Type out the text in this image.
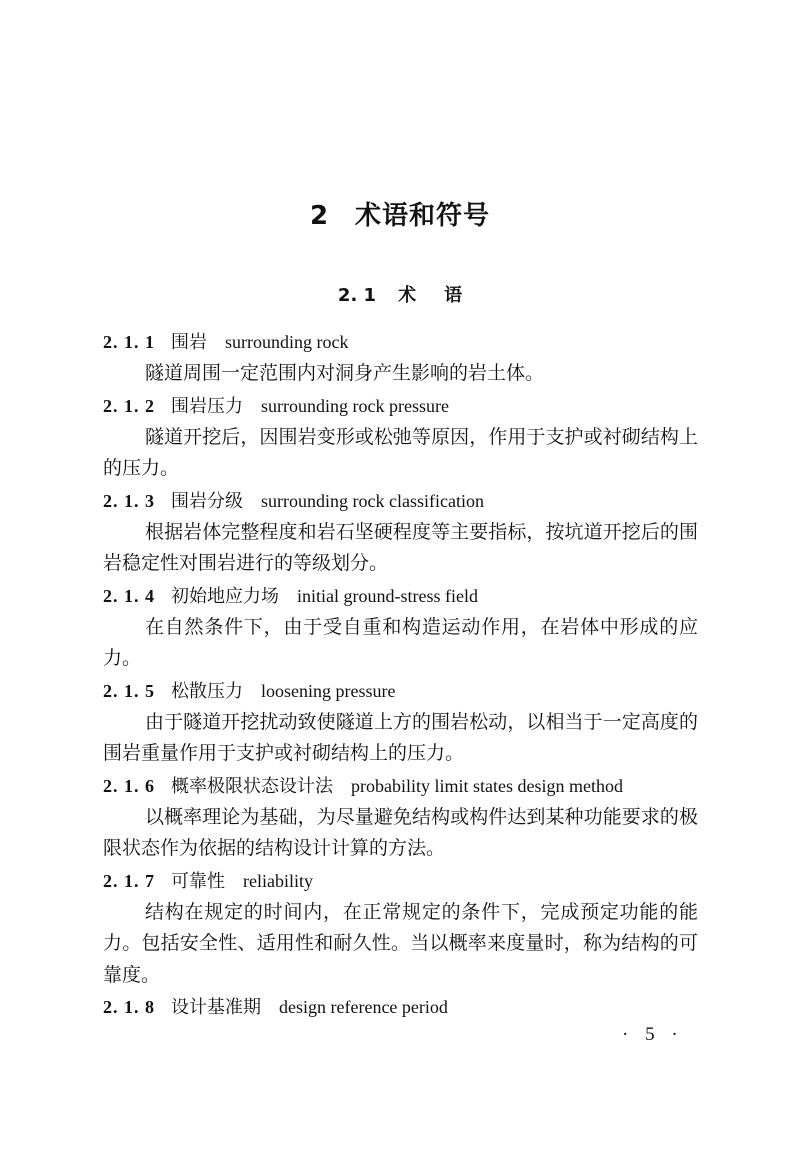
2 术语和符号
2. 1 术语
2. 1. 1 围岩 surrounding rock

隧道周围一定范围内对洞身产生影响的岩土体。

2. 1. 2 围岩压力 surrounding rock pressure

隧道开挖后，因围岩变形或松弛等原因，作用于支护或衬砌结构上的压力。

2. 1. 3 围岩分级 surrounding rock classification

根据岩体完整程度和岩石坚硬程度等主要指标，按坑道开挖后的围岩稳定性对围岩进行的等级划分。

2. 1. 4 初始地应力场 initial ground-stress field

在自然条件下，由于受自重和构造运动作用，在岩体中形成的应力。

2. 1. 5 松散压力 loosening pressure

由于隧道开挖扰动致使隧道上方的围岩松动，以相当于一定高度的围岩重量作用于支护或衬砌结构上的压力。

2. 1. 6 概率极限状态设计法 probability limit states design method

以概率理论为基础，为尽量避免结构或构件达到某种功能要求的极限状态作为依据的结构设计计算的方法。

2. 1. 7 可靠性 reliability

结构在规定的时间内，在正常规定的条件下，完成预定功能的能力。包括安全性、适用性和耐久性。当以概率来度量时，称为结构的可靠度。

2. 1. 8 设计基准期 design reference period
· 5 ·
